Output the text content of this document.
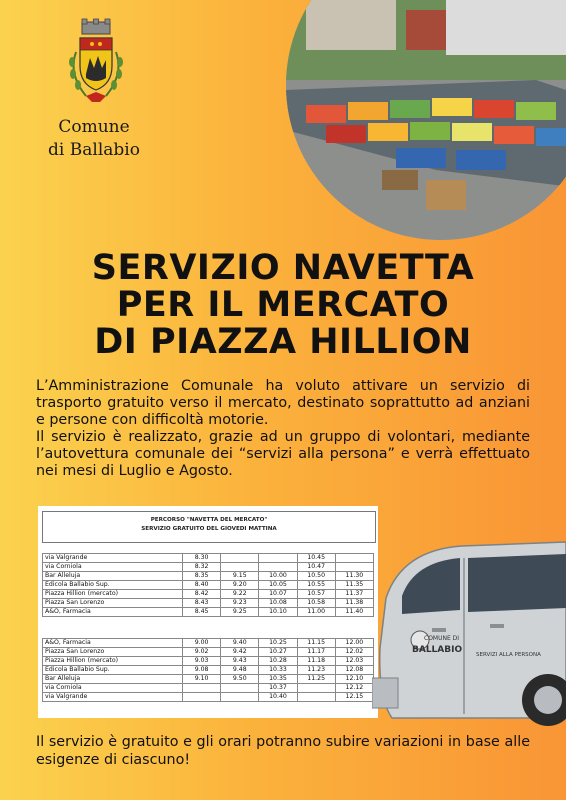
Comune
di Ballabio
SERVIZIO NAVETTA
PER IL MERCATO
DI PIAZZA HILLION

L’Amministrazione Comunale ha voluto attivare un servizio di trasporto gratuito verso il mercato, destinato soprattutto ad anziani e persone con difficoltà motorie.

Il servizio è realizzato, grazie ad un gruppo di volontari, mediante l’autovettura comunale dei “servizi alla persona” e verrà effettuato nei mesi di Luglio e Agosto.

PERCORSO "NAVETTA DEL MERCATO"
SERVIZIO GRATUITO DEL GIOVEDI MATTINA
via Valgrande	8.30			10.45	
via Corniola	8.32			10.47	
Bar Alleluja	8.35	9.15	10.00	10.50	11.30
Edicola Ballabio Sup.	8.40	9.20	10.05	10.55	11.35
Piazza Hillion (mercato)	8.42	9.22	10.07	10.57	11.37
Piazza San Lorenzo	8.43	9.23	10.08	10.58	11.38
A&O, Farmacia	8.45	9.25	10.10	11.00	11.40
A&O, Farmacia	9.00	9.40	10.25	11.15	12.00
Piazza San Lorenzo	9.02	9.42	10.27	11.17	12.02
Piazza Hillion (mercato)	9.03	9.43	10.28	11.18	12.03
Edicola Ballabio Sup.	9.08	9.48	10.33	11.23	12.08
Bar Alleluja	9.10	9.50	10.35	11.25	12.10
via Corniola			10.37		12.12
via Valgrande			10.40		12.15
COMUNE DI
BALLABIO	SERVIZI ALLA PERSONA
Il servizio è gratuito e gli orari potranno subire variazioni in base alle esigenze di ciascuno!
